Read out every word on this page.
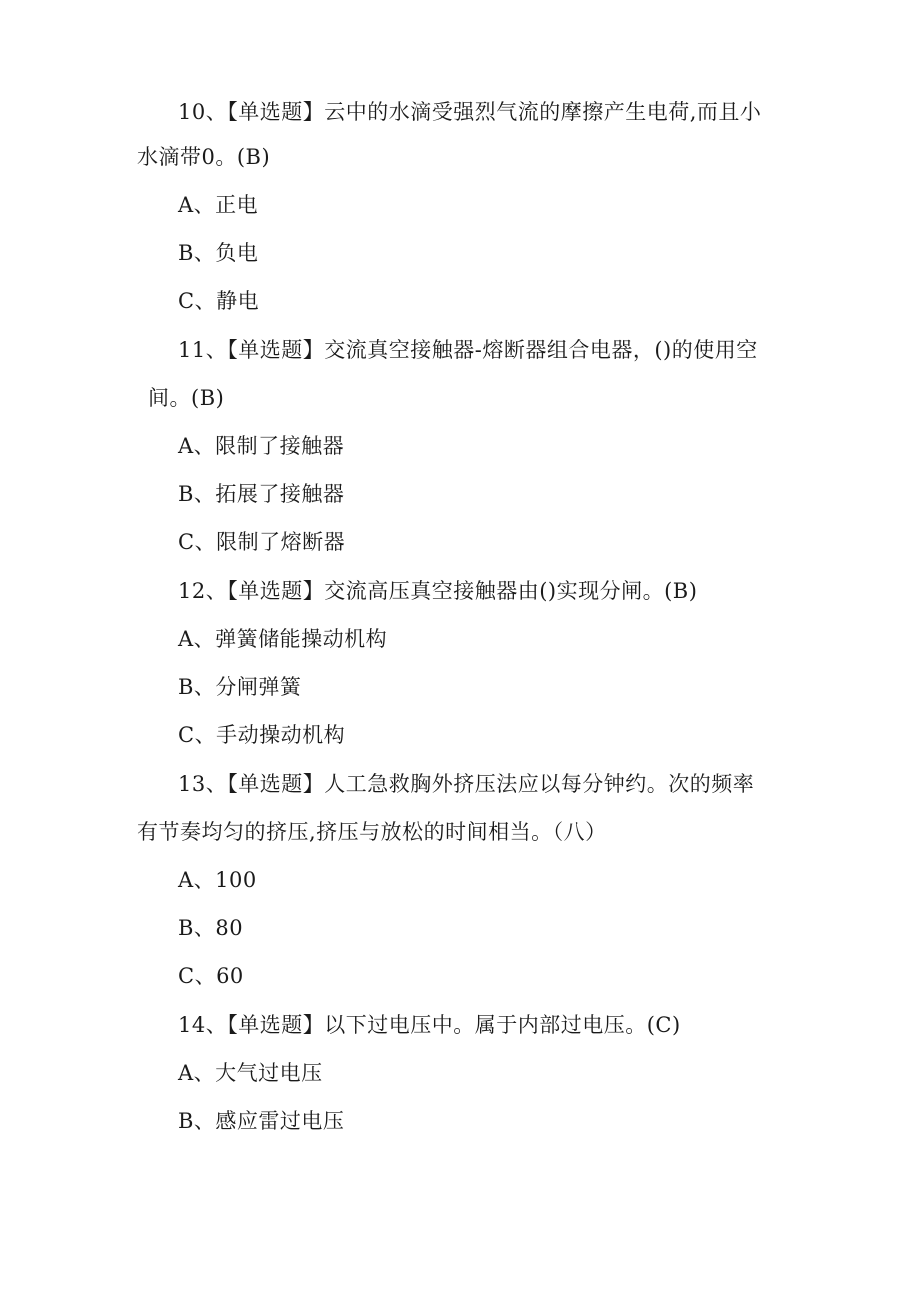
10、【单选题】云中的水滴受强烈气流的摩擦产生电荷,而且小
水滴带0。(B)
A、正电
B、负电
C、静电
11、【单选题】交流真空接触器-熔断器组合电器，()的使用空
间。(B)
A、限制了接触器
B、拓展了接触器
C、限制了熔断器
12、【单选题】交流高压真空接触器由()实现分闸。(B)
A、弹簧储能操动机构
B、分闸弹簧
C、手动操动机构
13、【单选题】人工急救胸外挤压法应以每分钟约。次的频率
有节奏均匀的挤压,挤压与放松的时间相当。（八）
A、100
B、80
C、60
14、【单选题】以下过电压中。属于内部过电压。(C)
A、大气过电压
B、感应雷过电压
